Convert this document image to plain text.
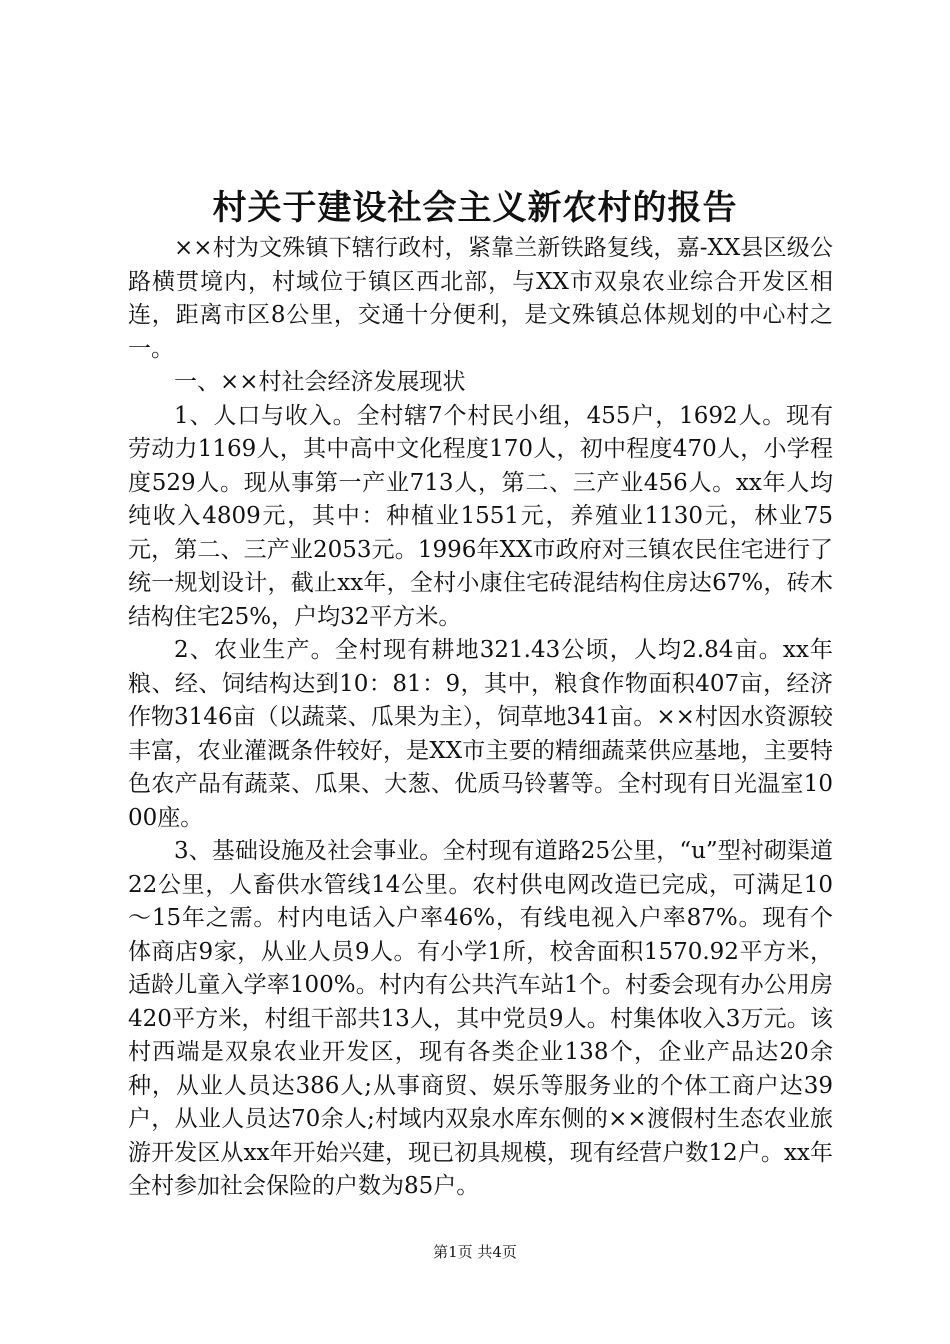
村关于建设社会主义新农村的报告

××村为文殊镇下辖行政村，紧靠兰新铁路复线，嘉-XX县区级公路横贯境内，村域位于镇区西北部，与XX市双泉农业综合开发区相连，距离市区8公里，交通十分便利，是文殊镇总体规划的中心村之一。

一、××村社会经济发展现状

1、人口与收入。全村辖7个村民小组，455户，1692人。现有劳动力1169人，其中高中文化程度170人，初中程度470人，小学程度529人。现从事第一产业713人，第二、三产业456人。xx年人均纯收入4809元，其中：种植业1551元，养殖业1130元，林业75元，第二、三产业2053元。1996年XX市政府对三镇农民住宅进行了统一规划设计，截止xx年，全村小康住宅砖混结构住房达67%，砖木结构住宅25%，户均32平方米。

2、农业生产。全村现有耕地321.43公顷，人均2.84亩。xx年粮、经、饲结构达到10：81：9，其中，粮食作物面积407亩，经济作物3146亩（以蔬菜、瓜果为主），饲草地341亩。××村因水资源较丰富，农业灌溉条件较好，是XX市主要的精细蔬菜供应基地，主要特色农产品有蔬菜、瓜果、大葱、优质马铃薯等。全村现有日光温室1000座。

3、基础设施及社会事业。全村现有道路25公里，“u”型衬砌渠道22公里，人畜供水管线14公里。农村供电网改造已完成，可满足10～15年之需。村内电话入户率46%，有线电视入户率87%。现有个体商店9家，从业人员9人。有小学1所，校舍面积1570.92平方米，适龄儿童入学率100%。村内有公共汽车站1个。村委会现有办公用房420平方米，村组干部共13人，其中党员9人。村集体收入3万元。该村西端是双泉农业开发区，现有各类企业138个，企业产品达20余种，从业人员达386人;从事商贸、娱乐等服务业的个体工商户达39户，从业人员达70余人;村域内双泉水库东侧的××渡假村生态农业旅游开发区从xx年开始兴建，现已初具规模，现有经营户数12户。xx年全村参加社会保险的户数为85户。

第1页 共4页
